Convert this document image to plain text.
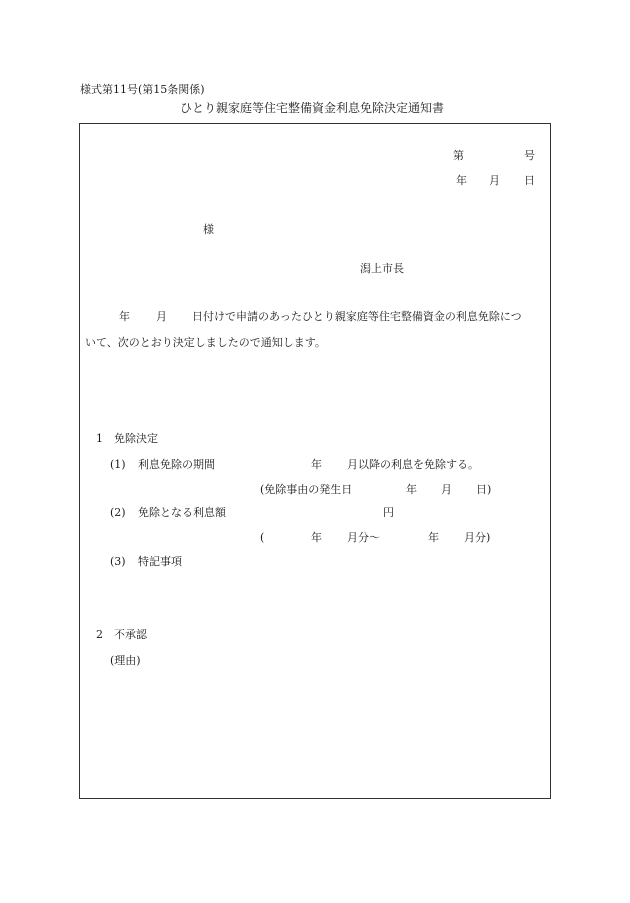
様式第11号(第15条関係)
ひとり親家庭等住宅整備資金利息免除決定通知書
第	号
年 月 日
様
潟上市長
年 月 日付けで申請のあったひとり親家庭等住宅整備資金の利息免除につ
いて、次のとおり決定しましたので通知します。
1　免除決定
(1) 利息免除の期間	年 月以降の利息を免除する。
(免除事由の発生日	年 月 日)
(2) 免除となる利息額	円
(	年 月分〜	年 月分)
(3) 特記事項
2　不承認
(理由)
